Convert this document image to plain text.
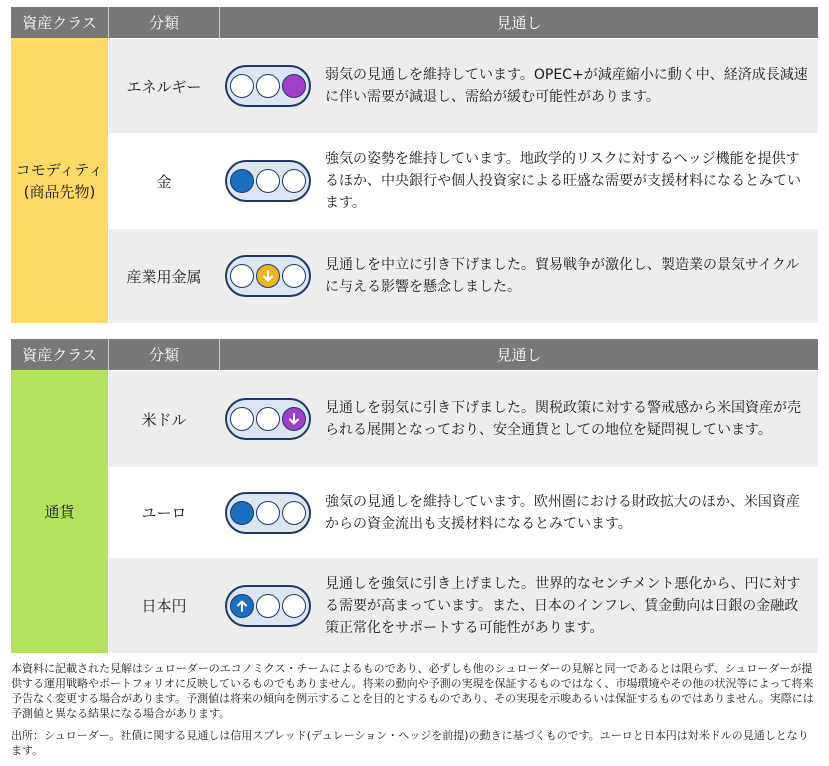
資産クラス	分類	見通し
コモディティ
(商品先物)
エネルギー
弱気の見通しを維持しています。OPEC+が減産縮小に動く中、経済成長減速に伴い需要が減退し、需給が緩む可能性があります。
金
強気の姿勢を維持しています。地政学的リスクに対するヘッジ機能を提供するほか、中央銀行や個人投資家による旺盛な需要が支援材料になるとみています。
産業用金属
見通しを中立に引き下げました。貿易戦争が激化し、製造業の景気サイクルに与える影響を懸念しました。
資産クラス	分類	見通し
通貨
米ドル
見通しを弱気に引き下げました。関税政策に対する警戒感から米国資産が売られる展開となっており、安全通貨としての地位を疑問視しています。
ユーロ
強気の見通しを維持しています。欧州圏における財政拡大のほか、米国資産からの資金流出も支援材料になるとみています。
日本円
見通しを強気に引き上げました。世界的なセンチメント悪化から、円に対する需要が高まっています。また、日本のインフレ、賃金動向は日銀の金融政策正常化をサポートする可能性があります。
本資料に記載された見解はシュローダーのエコノミクス・チームによるものであり、必ずしも他のシュローダーの見解と同一であるとは限らず、シュローダーが提供する運用戦略やポートフォリオに反映しているものでもありません。将来の動向や予測の実現を保証するものではなく、市場環境やその他の状況等によって将来予告なく変更する場合があります。予測値は将来の傾向を例示することを目的とするものであり、その実現を示唆あるいは保証するものではありません。実際には予測値と異なる結果になる場合があります。
出所：シュローダー。社債に関する見通しは信用スプレッド(デュレーション・ヘッジを前提)の動きに基づくものです。ユーロと日本円は対米ドルの見通しとなります。
